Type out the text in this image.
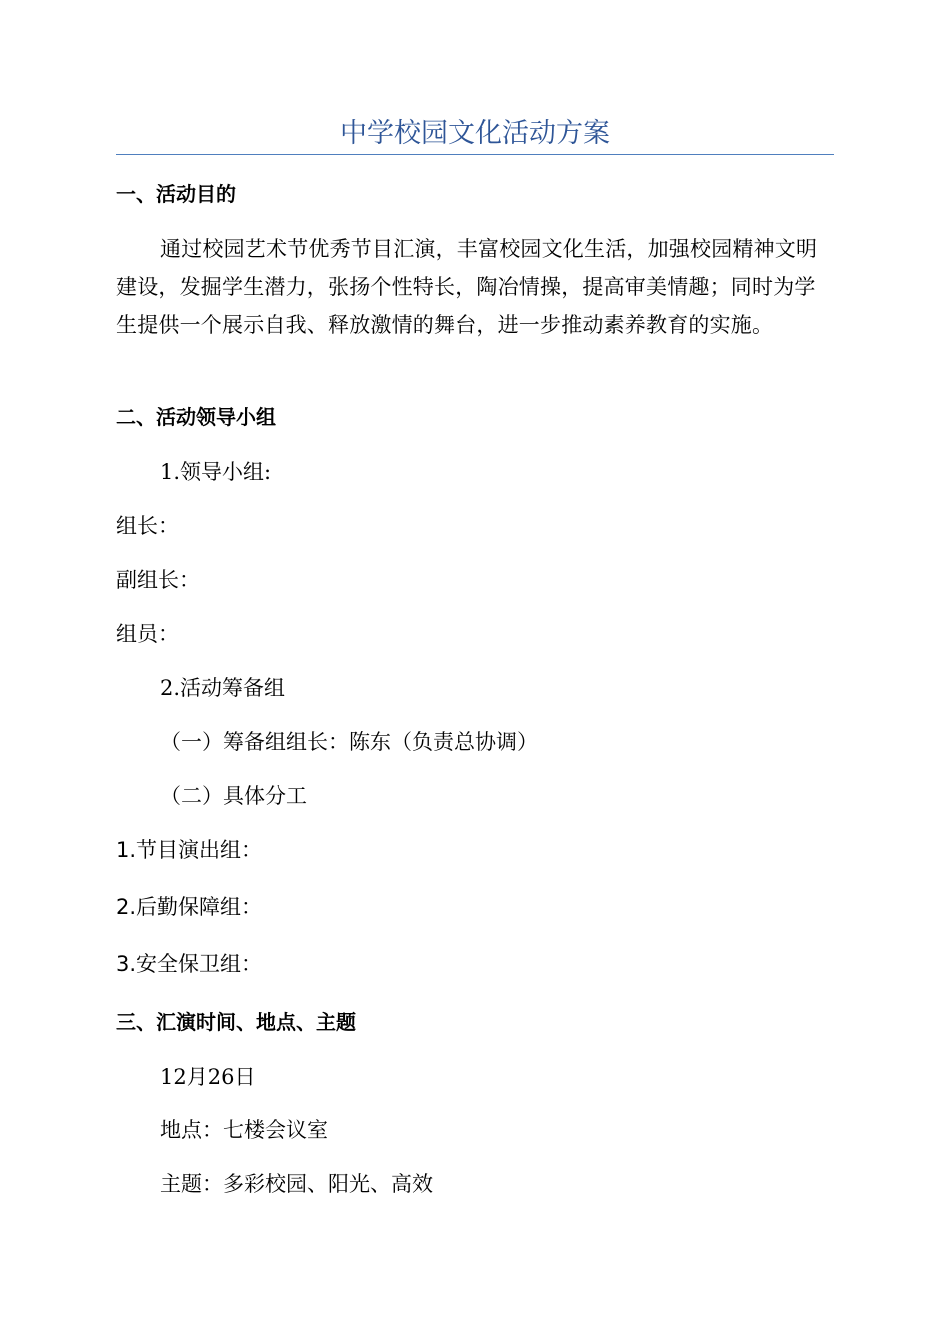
中学校园文化活动方案
一、活动目的
通过校园艺术节优秀节目汇演，丰富校园文化生活，加强校园精神文明建设，发掘学生潜力，张扬个性特长，陶冶情操，提高审美情趣；同时为学生提供一个展示自我、释放激情的舞台，进一步推动素养教育的实施。
二、活动领导小组
1.领导小组:
组长：
副组长：
组员：
2.活动筹备组
（一）筹备组组长：陈东（负责总协调）
（二）具体分工
1.节目演出组：
2.后勤保障组：
3.安全保卫组：
三、汇演时间、地点、主题
12月26日
地点：七楼会议室
主题：多彩校园、阳光、高效
